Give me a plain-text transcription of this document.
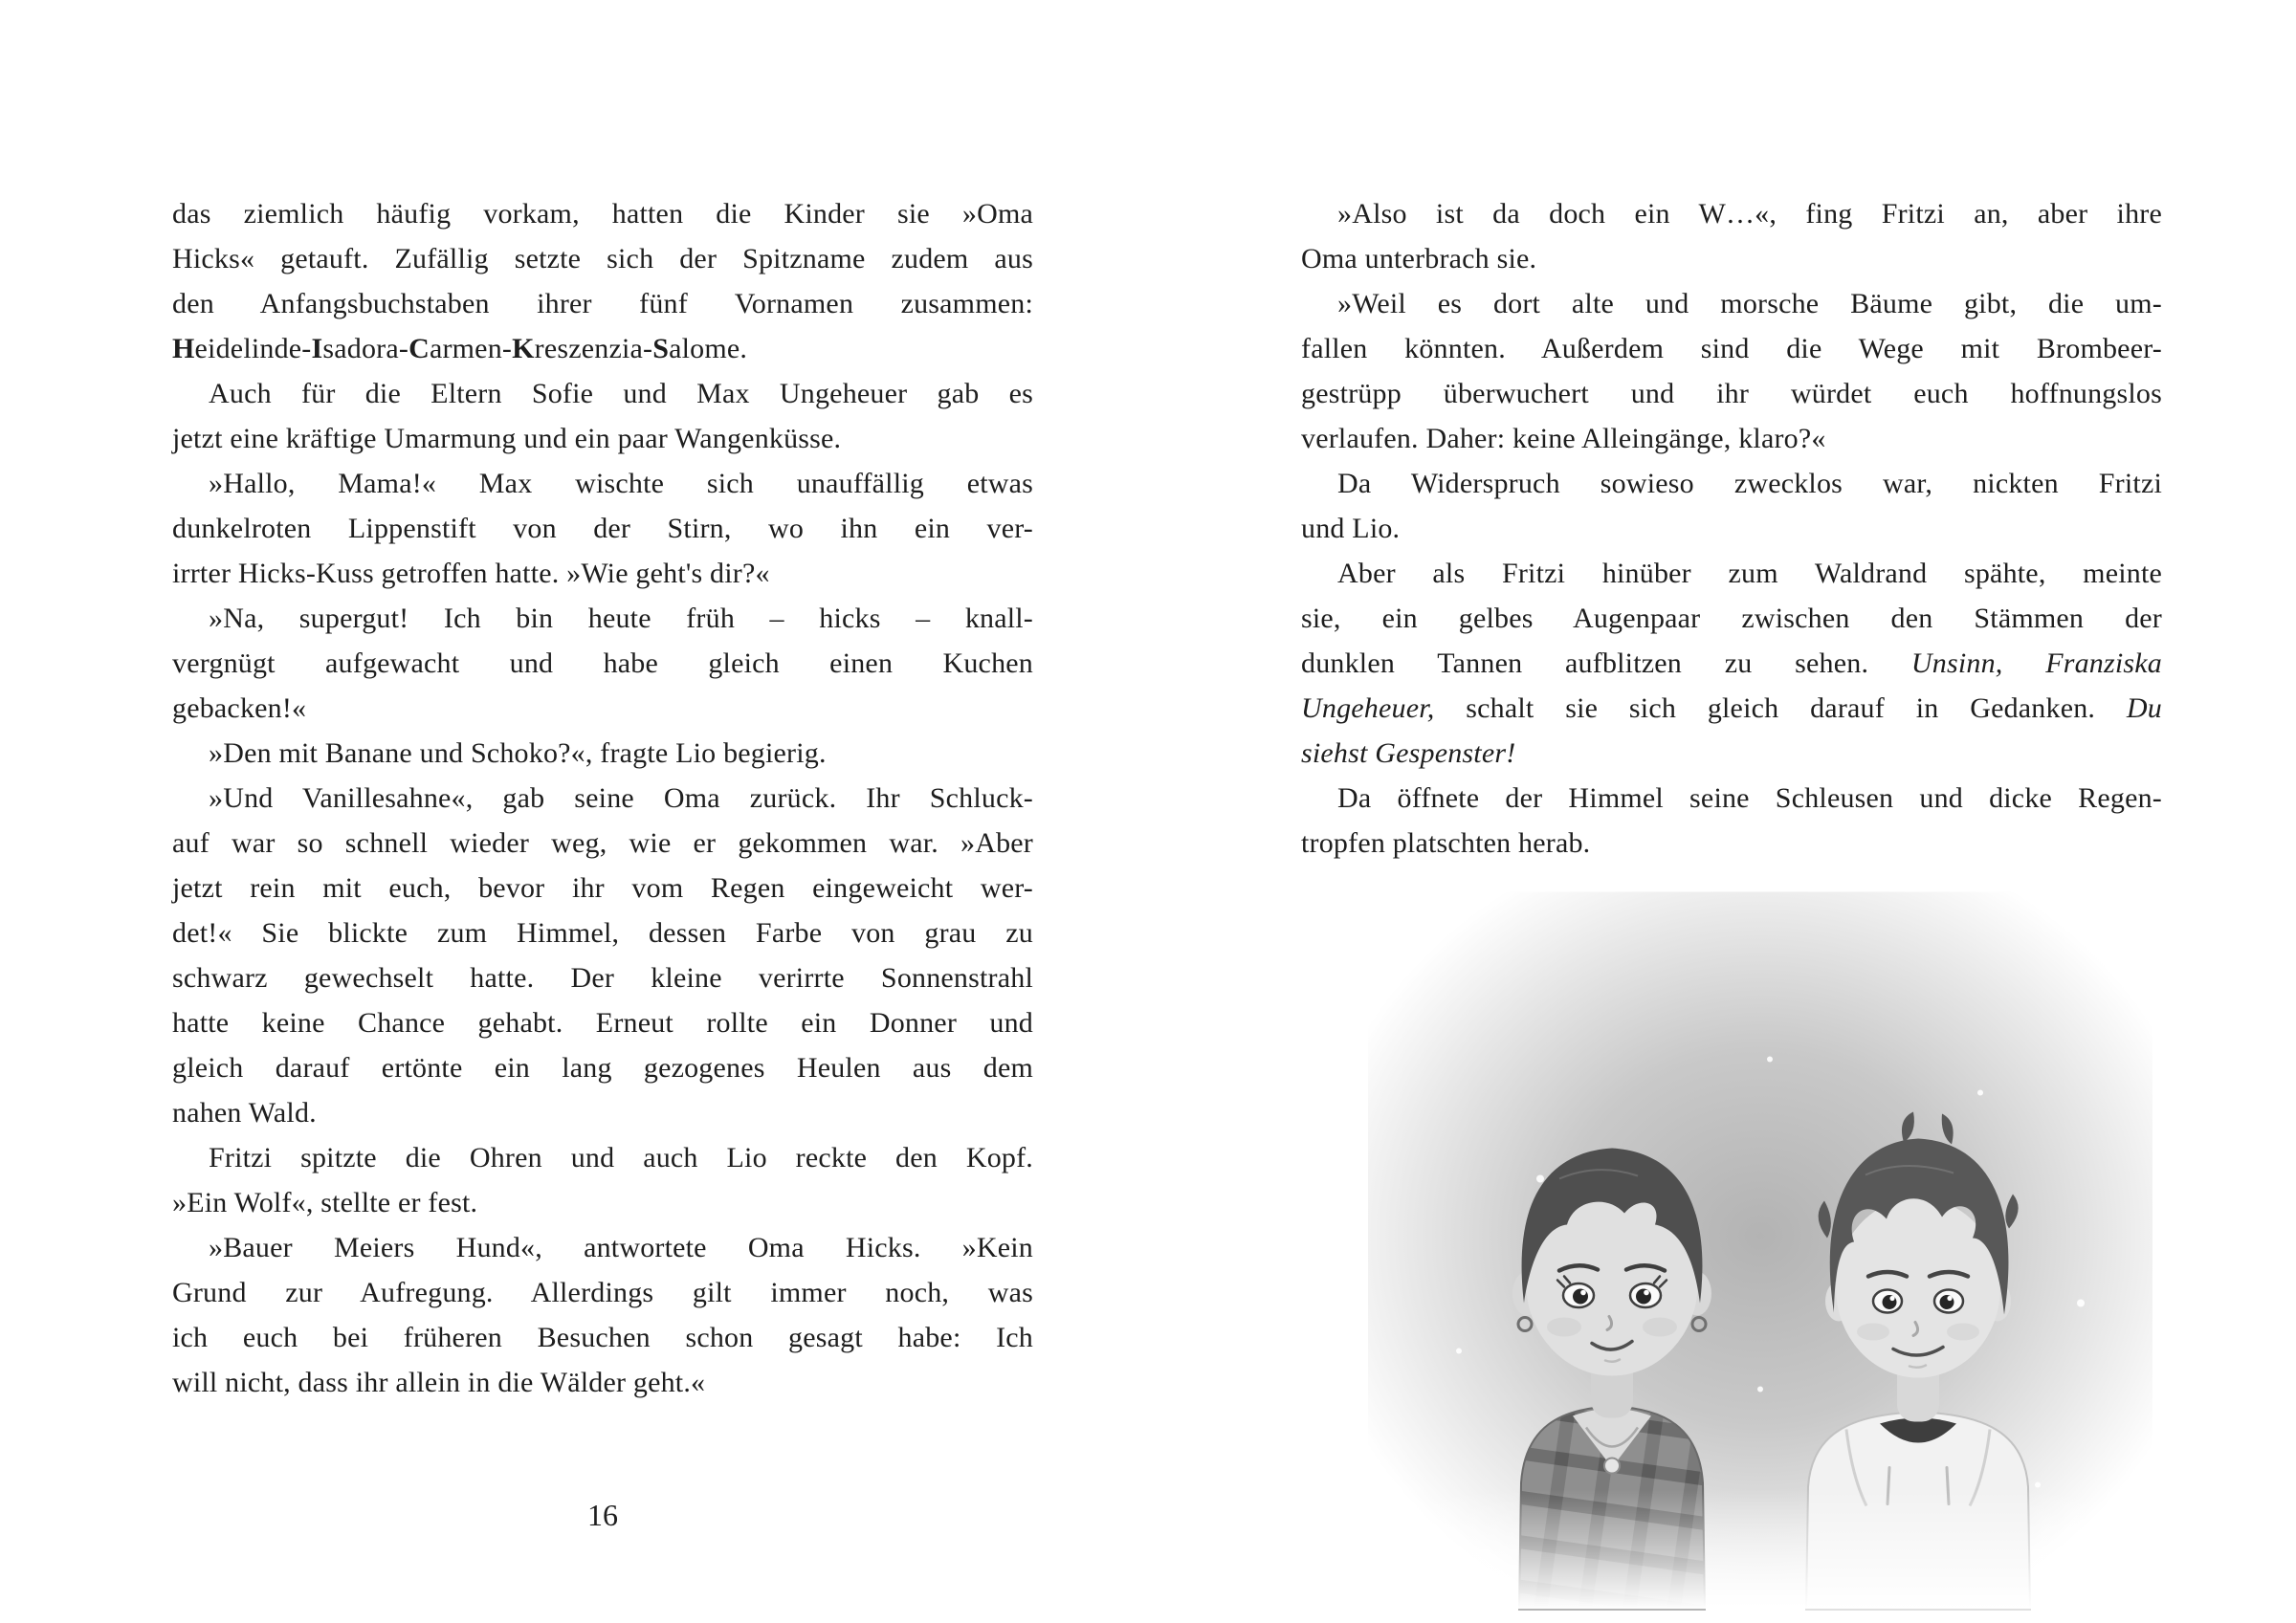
das ziemlich häufig vorkam, hatten die Kinder sie »Oma
Hicks« getauft. Zufällig setzte sich der Spitzname zudem aus
den Anfangsbuchstaben ihrer fünf Vornamen zusammen:
Heidelinde-Isadora-Carmen-Kreszenzia-Salome.
Auch für die Eltern Sofie und Max Ungeheuer gab es
jetzt eine kräftige Umarmung und ein paar Wangenküsse.
»Hallo, Mama!« Max wischte sich unauffällig etwas
dunkelroten Lippenstift von der Stirn, wo ihn ein ver-
irrter Hicks-Kuss getroffen hatte. »Wie geht's dir?«
»Na, supergut! Ich bin heute früh – hicks – knall-
vergnügt aufgewacht und habe gleich einen Kuchen
gebacken!«
»Den mit Banane und Schoko?«, fragte Lio begierig.
»Und Vanillesahne«, gab seine Oma zurück. Ihr Schluck-
auf war so schnell wieder weg, wie er gekommen war. »Aber
jetzt rein mit euch, bevor ihr vom Regen eingeweicht wer-
det!« Sie blickte zum Himmel, dessen Farbe von grau zu
schwarz gewechselt hatte. Der kleine verirrte Sonnenstrahl
hatte keine Chance gehabt. Erneut rollte ein Donner und
gleich darauf ertönte ein lang gezogenes Heulen aus dem
nahen Wald.
Fritzi spitzte die Ohren und auch Lio reckte den Kopf.
»Ein Wolf«, stellte er fest.
»Bauer Meiers Hund«, antwortete Oma Hicks. »Kein
Grund zur Aufregung. Allerdings gilt immer noch, was
ich euch bei früheren Besuchen schon gesagt habe: Ich
will nicht, dass ihr allein in die Wälder geht.«
16
»Also ist da doch ein W…«, fing Fritzi an, aber ihre
Oma unterbrach sie.
»Weil es dort alte und morsche Bäume gibt, die um-
fallen könnten. Außerdem sind die Wege mit Brombeer-
gestrüpp überwuchert und ihr würdet euch hoffnungslos
verlaufen. Daher: keine Alleingänge, klaro?«
Da Widerspruch sowieso zwecklos war, nickten Fritzi
und Lio.
Aber als Fritzi hinüber zum Waldrand spähte, meinte
sie, ein gelbes Augenpaar zwischen den Stämmen der
dunklen Tannen aufblitzen zu sehen. Unsinn, Franziska
Ungeheuer, schalt sie sich gleich darauf in Gedanken. Du
siehst Gespenster!
Da öffnete der Himmel seine Schleusen und dicke Regen-
tropfen platschten herab.
